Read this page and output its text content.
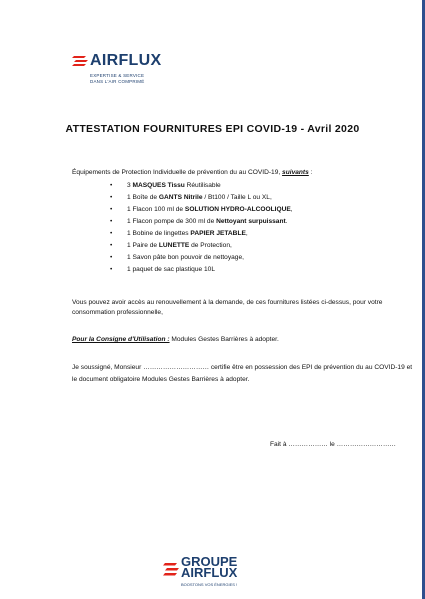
AIRFLUX
EXPERTISE & SERVICE
DANS L'AIR COMPRIMÉ
ATTESTATION FOURNITURES EPI COVID-19 - Avril 2020
Équipements de Protection Individuelle de prévention du au COVID-19, suivants :
• 3 MASQUES Tissu Réutilisable
• 1 Boîte de GANTS Nitrile / Bt100 / Taille L ou XL,
• 1 Flacon 100 ml de SOLUTION HYDRO-ALCOOLIQUE,
• 1 Flacon pompe de 300 ml de Nettoyant surpuissant.
• 1 Bobine de lingettes PAPIER JETABLE,
• 1 Paire de LUNETTE de Protection,
• 1 Savon pâte bon pouvoir de nettoyage,
• 1 paquet de sac plastique 10L
Vous pouvez avoir accès au renouvellement à la demande, de ces fournitures listées ci-dessus, pour votre consommation professionnelle,
Pour la Consigne d'Utilisation : Modules Gestes Barrières à adopter.
Je soussigné, Monsieur ………………………… certifie être en possession des EPI de prévention du au COVID-19 et le document obligatoire Modules Gestes Barrières à adopter.
Fait à ……………… le ………………………
GROUPE
AIRFLUX
BOOSTONS VOS ÉNERGIES !
